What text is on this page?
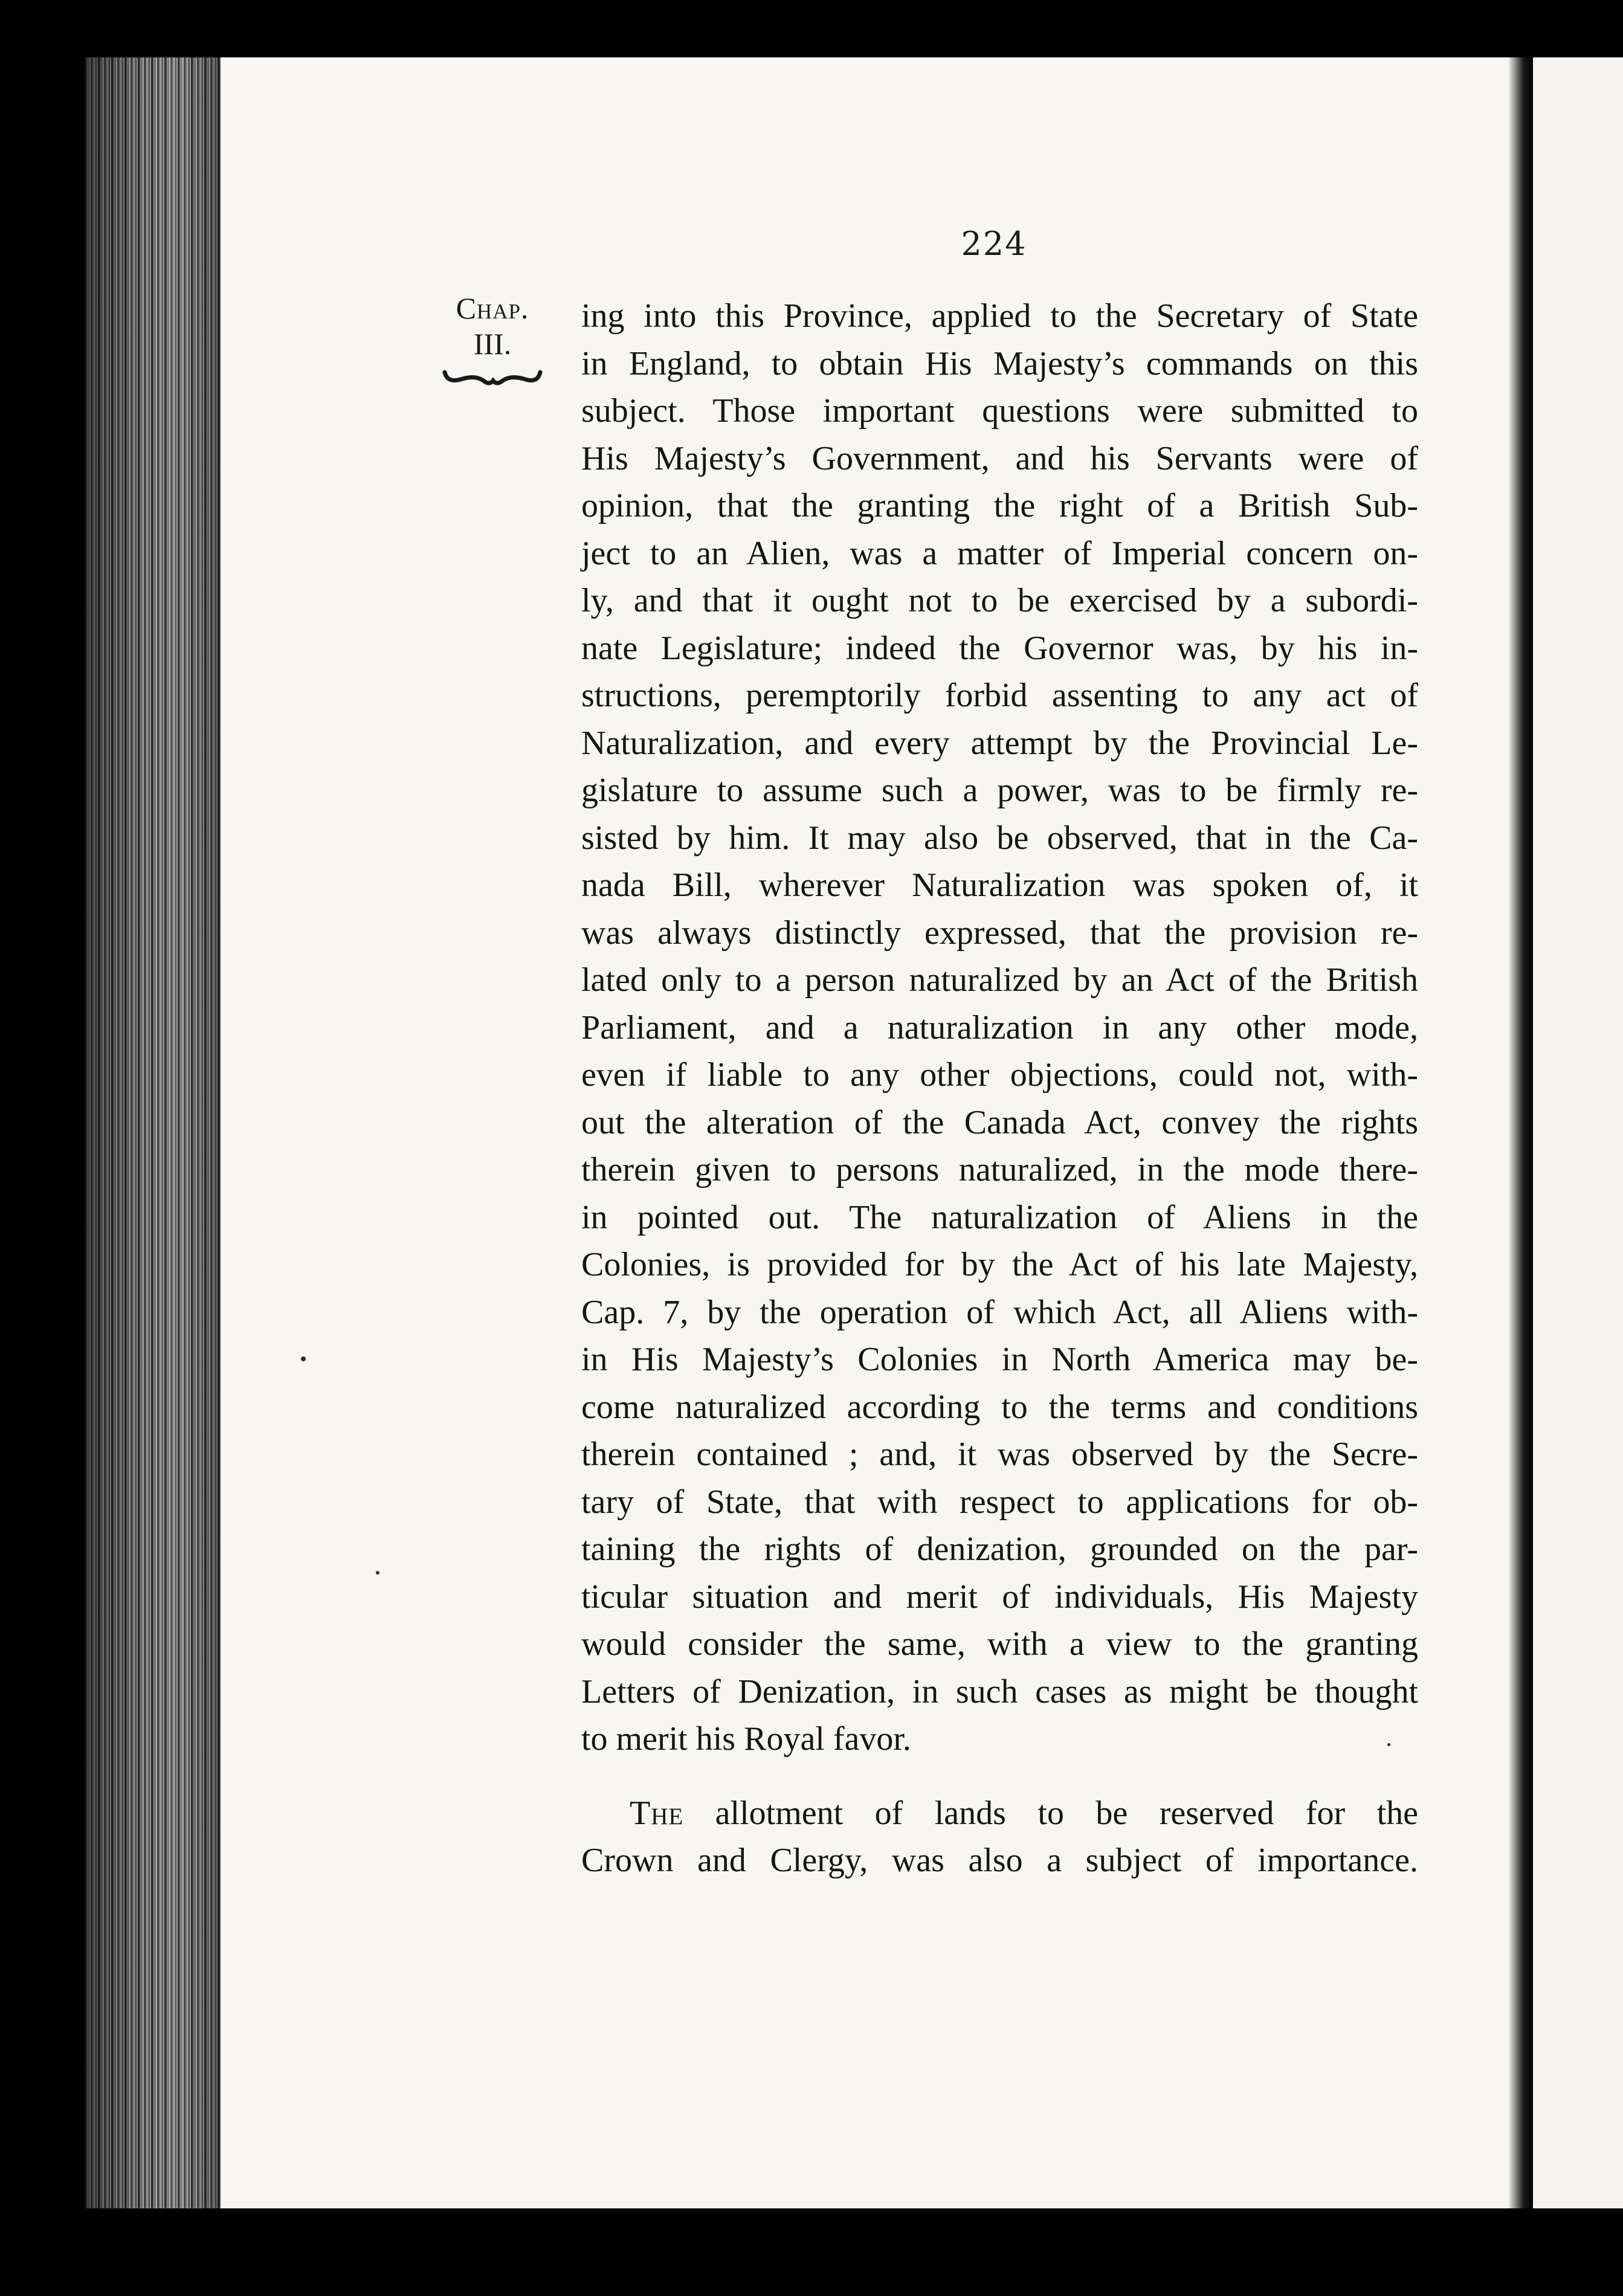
224
Chap.
III.
ing into this Province, applied to the Secretary of State
in England, to obtain His Majesty’s commands on this
subject. Those important questions were submitted to
His Majesty’s Government, and his Servants were of
opinion, that the granting the right of a British Sub-
ject to an Alien, was a matter of Imperial concern on-
ly, and that it ought not to be exercised by a subordi-
nate Legislature; indeed the Governor was, by his in-
structions, peremptorily forbid assenting to any act of
Naturalization, and every attempt by the Provincial Le-
gislature to assume such a power, was to be firmly re-
sisted by him. It may also be observed, that in the Ca-
nada Bill, wherever Naturalization was spoken of, it
was always distinctly expressed, that the provision re-
lated only to a person naturalized by an Act of the British
Parliament, and a naturalization in any other mode,
even if liable to any other objections, could not, with-
out the alteration of the Canada Act, convey the rights
therein given to persons naturalized, in the mode there-
in pointed out. The naturalization of Aliens in the
Colonies, is provided for by the Act of his late Majesty,
Cap. 7, by the operation of which Act, all Aliens with-
in His Majesty’s Colonies in North America may be-
come naturalized according to the terms and conditions
therein contained ; and, it was observed by the Secre-
tary of State, that with respect to applications for ob-
taining the rights of denization, grounded on the par-
ticular situation and merit of individuals, His Majesty
would consider the same, with a view to the granting
Letters of Denization, in such cases as might be thought
to merit his Royal favor.
The allotment of lands to be reserved for the
Crown and Clergy, was also a subject of importance.
